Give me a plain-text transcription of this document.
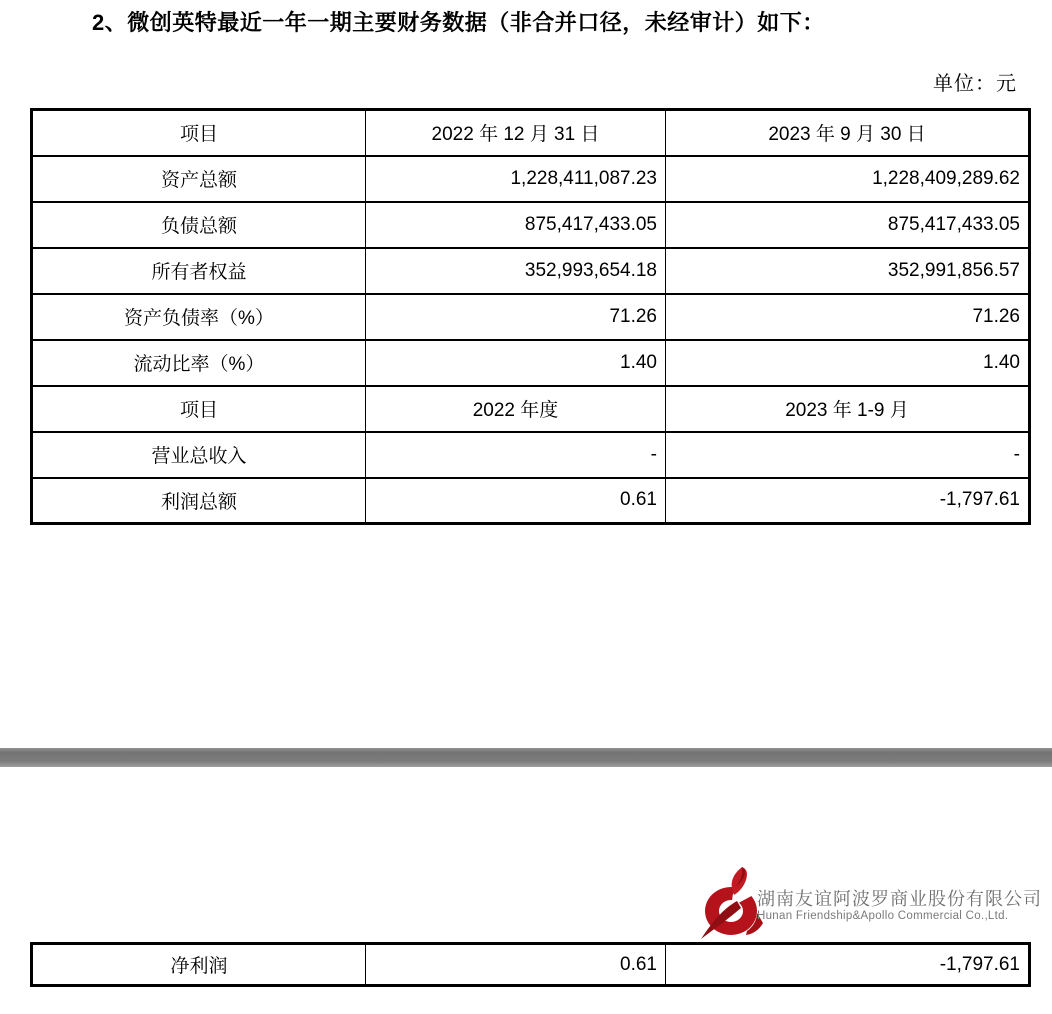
2、微创英特最近一年一期主要财务数据（非合并口径，未经审计）如下：
单位：元
项目	2022 年 12 月 31 日	2023 年 9 月 30 日
资产总额	1,228,411,087.23	1,228,409,289.62
负债总额	875,417,433.05	875,417,433.05
所有者权益	352,993,654.18	352,991,856.57
资产负债率（%）	71.26	71.26
流动比率（%）	1.40	1.40
项目	2022 年度	2023 年 1-9 月
营业总收入	-	-
利润总额	0.61	-1,797.61
湖南友谊阿波罗商业股份有限公司
Hunan Friendship&Apollo Commercial Co.,Ltd.
净利润	0.61	-1,797.61
